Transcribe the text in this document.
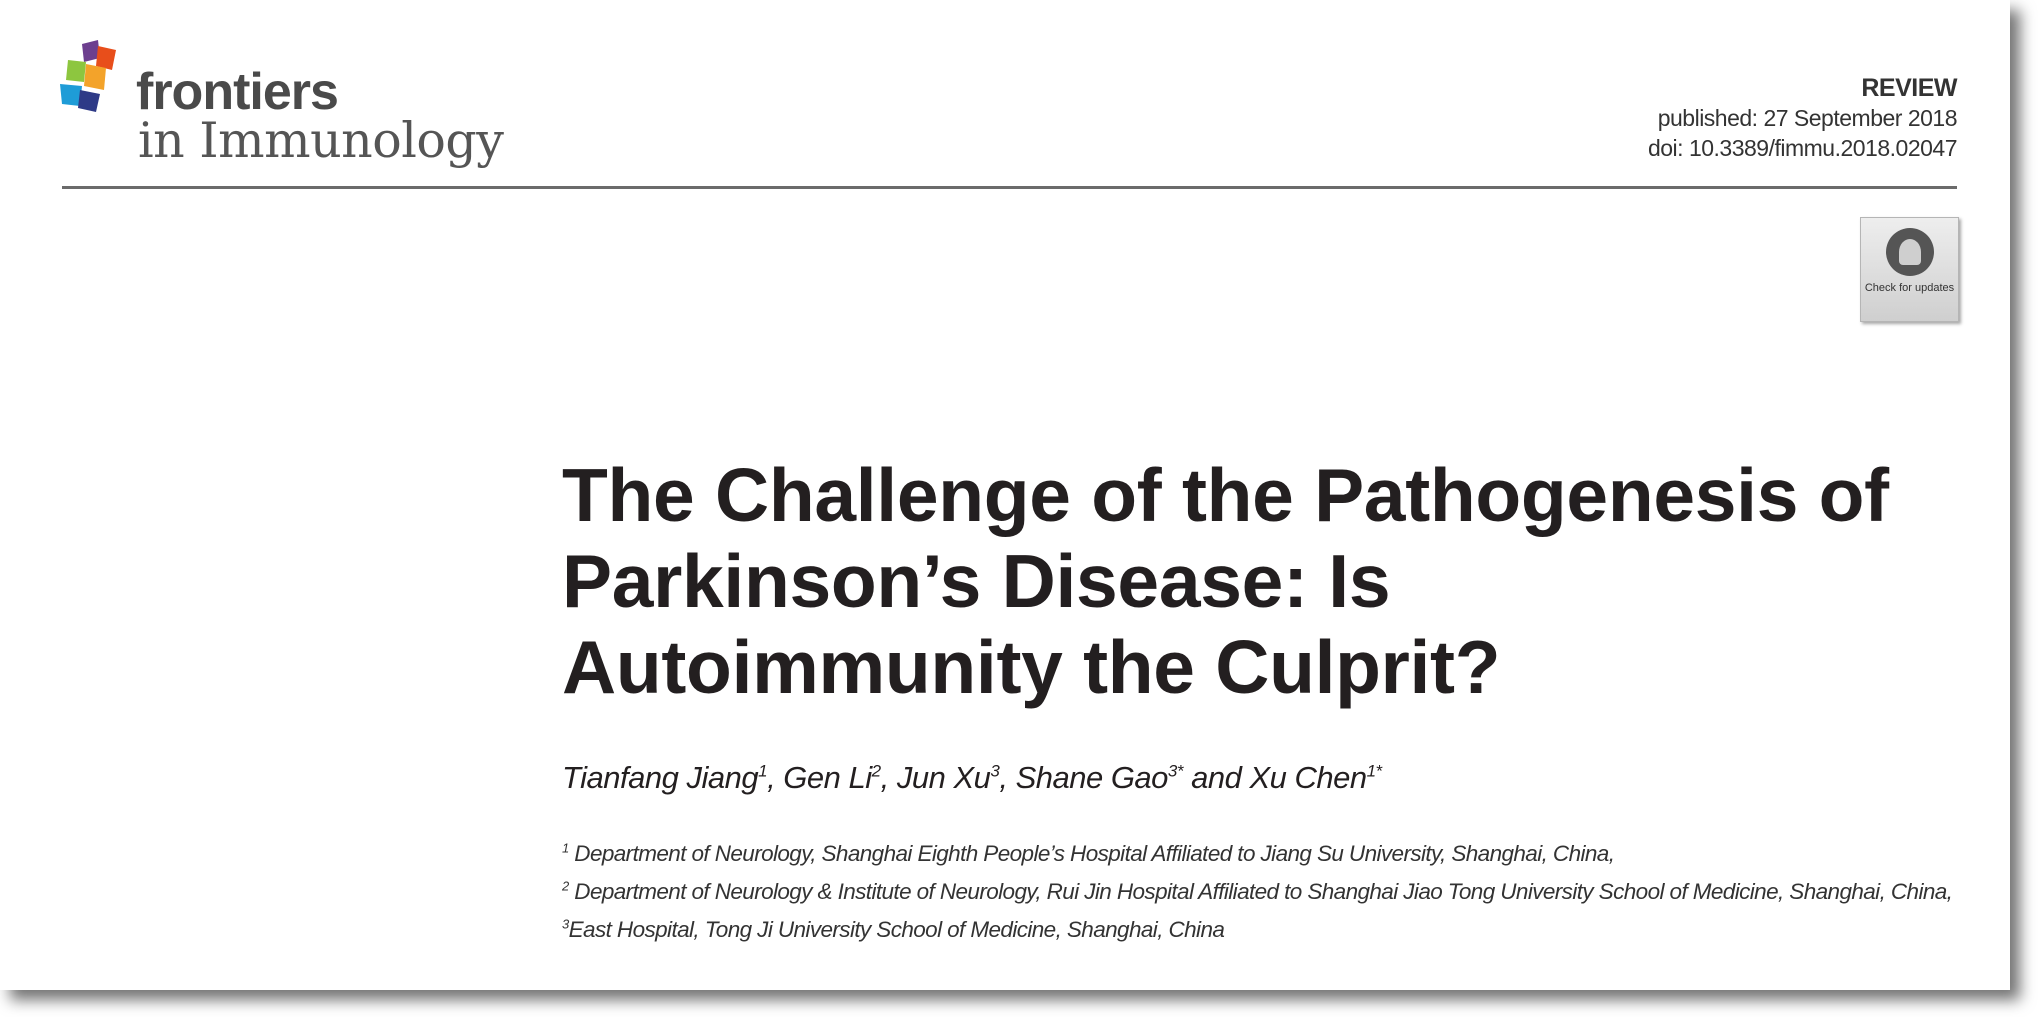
frontiers
in Immunology
REVIEW
published: 27 September 2018
doi: 10.3389/fimmu.2018.02047
Check for updates
The Challenge of the Pathogenesis of
Parkinson’s Disease: Is
Autoimmunity the Culprit?
Tianfang Jiang$^1$, Gen Li$^2$, Jun Xu$^3$, Shane Gao$^{3*}$ and Xu Chen$^{1*}$
$^1$ Department of Neurology, Shanghai Eighth People’s Hospital Affiliated to Jiang Su University, Shanghai, China,
$^2$ Department of Neurology & Institute of Neurology, Rui Jin Hospital Affiliated to Shanghai Jiao Tong University School of Medicine, Shanghai, China, $^3$East Hospital, Tong Ji University School of Medicine, Shanghai, China
